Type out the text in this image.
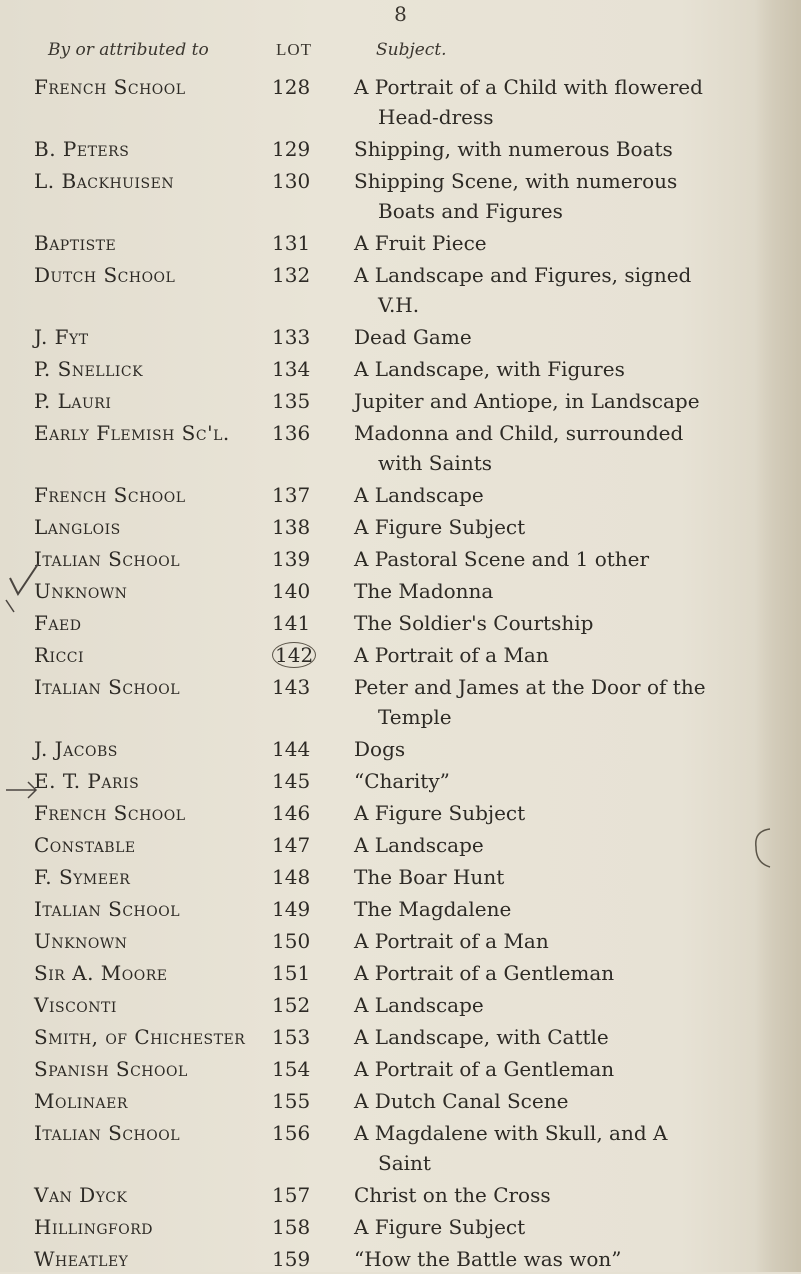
8
By or attributed to	LOT	Subject.
French School	128	A Portrait of a Child with flowered
Head-dress
B. Peters	129	Shipping, with numerous Boats
L. Backhuisen	130	Shipping Scene, with numerous
Boats and Figures
Baptiste	131	A Fruit Piece
Dutch School	132	A Landscape and Figures, signed
V.H.
J. Fyt	133	Dead Game
P. Snellick	134	A Landscape, with Figures
P. Lauri	135	Jupiter and Antiope, in Landscape
Early Flemish Sc'l.	136	Madonna and Child, surrounded
with Saints
French School	137	A Landscape
Langlois	138	A Figure Subject
Italian School	139	A Pastoral Scene and 1 other
Unknown	140	The Madonna
Faed	141	The Soldier's Courtship
Ricci	142	A Portrait of a Man
Italian School	143	Peter and James at the Door of the
Temple
J. Jacobs	144	Dogs
E. T. Paris	145	“Charity”
French School	146	A Figure Subject
Constable	147	A Landscape
F. Symeer	148	The Boar Hunt
Italian School	149	The Magdalene
Unknown	150	A Portrait of a Man
Sir A. Moore	151	A Portrait of a Gentleman
Visconti	152	A Landscape
Smith, of Chichester	153	A Landscape, with Cattle
Spanish School	154	A Portrait of a Gentleman
Molinaer	155	A Dutch Canal Scene
Italian School	156	A Magdalene with Skull, and A
Saint
Van Dyck	157	Christ on the Cross
Hillingford	158	A Figure Subject
Wheatley	159	“How the Battle was won”
